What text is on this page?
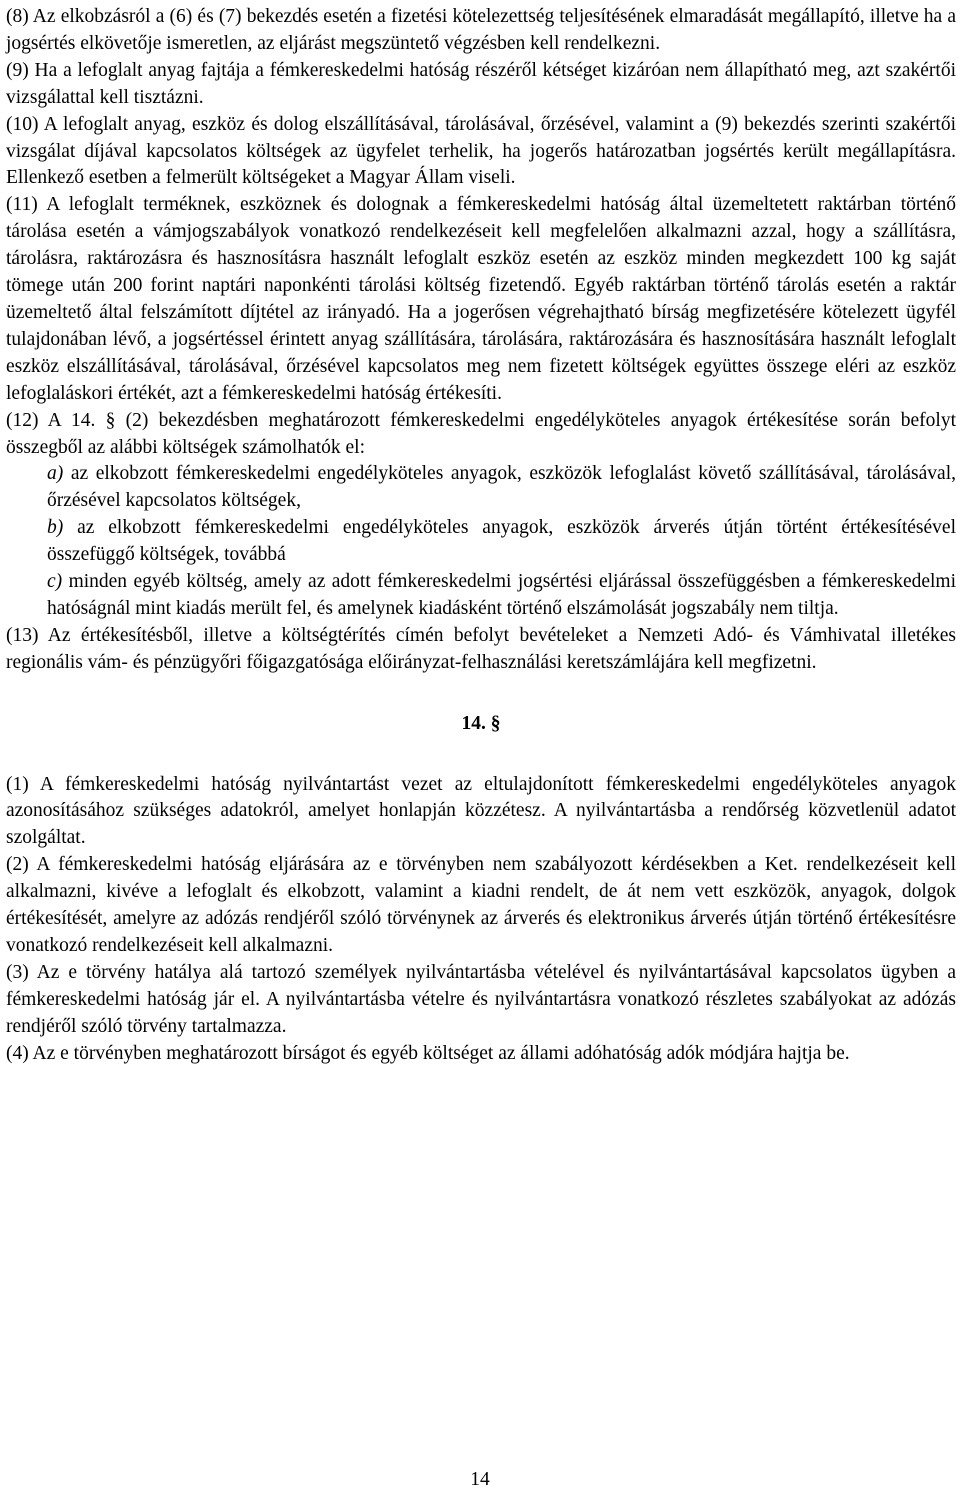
(8) Az elkobzásról a (6) és (7) bekezdés esetén a fizetési kötelezettség teljesítésének elmaradását megállapító, illetve ha a jogsértés elkövetője ismeretlen, az eljárást megszüntető végzésben kell rendelkezni.

(9) Ha a lefoglalt anyag fajtája a fémkereskedelmi hatóság részéről kétséget kizáróan nem állapítható meg, azt szakértői vizsgálattal kell tisztázni.

(10) A lefoglalt anyag, eszköz és dolog elszállításával, tárolásával, őrzésével, valamint a (9) bekezdés szerinti szakértői vizsgálat díjával kapcsolatos költségek az ügyfelet terhelik, ha jogerős határozatban jogsértés került megállapításra. Ellenkező esetben a felmerült költségeket a Magyar Állam viseli.

(11) A lefoglalt terméknek, eszköznek és dolognak a fémkereskedelmi hatóság által üzemeltetett raktárban történő tárolása esetén a vámjogszabályok vonatkozó rendelkezéseit kell megfelelően alkalmazni azzal, hogy a szállításra, tárolásra, raktározásra és hasznosításra használt lefoglalt eszköz esetén az eszköz minden megkezdett 100 kg saját tömege után 200 forint naptári naponkénti tárolási költség fizetendő. Egyéb raktárban történő tárolás esetén a raktár üzemeltető által felszámított díjtétel az irányadó. Ha a jogerősen végrehajtható bírság megfizetésére kötelezett ügyfél tulajdonában lévő, a jogsértéssel érintett anyag szállítására, tárolására, raktározására és hasznosítására használt lefoglalt eszköz elszállításával, tárolásával, őrzésével kapcsolatos meg nem fizetett költségek együttes összege eléri az eszköz lefoglaláskori értékét, azt a fémkereskedelmi hatóság értékesíti.

(12) A 14. § (2) bekezdésben meghatározott fémkereskedelmi engedélyköteles anyagok értékesítése során befolyt összegből az alábbi költségek számolhatók el:

a) az elkobzott fémkereskedelmi engedélyköteles anyagok, eszközök lefoglalást követő szállításával, tárolásával, őrzésével kapcsolatos költségek,

b) az elkobzott fémkereskedelmi engedélyköteles anyagok, eszközök árverés útján történt értékesítésével összefüggő költségek, továbbá

c) minden egyéb költség, amely az adott fémkereskedelmi jogsértési eljárással összefüggésben a fémkereskedelmi hatóságnál mint kiadás merült fel, és amelynek kiadásként történő elszámolását jogszabály nem tiltja.

(13) Az értékesítésből, illetve a költségtérítés címén befolyt bevételeket a Nemzeti Adó- és Vámhivatal illetékes regionális vám- és pénzügyőri főigazgatósága előirányzat-felhasználási keretszámlájára kell megfizetni.

14. §

(1) A fémkereskedelmi hatóság nyilvántartást vezet az eltulajdonított fémkereskedelmi engedélyköteles anyagok azonosításához szükséges adatokról, amelyet honlapján közzétesz. A nyilvántartásba a rendőrség közvetlenül adatot szolgáltat.

(2) A fémkereskedelmi hatóság eljárására az e törvényben nem szabályozott kérdésekben a Ket. rendelkezéseit kell alkalmazni, kivéve a lefoglalt és elkobzott, valamint a kiadni rendelt, de át nem vett eszközök, anyagok, dolgok értékesítését, amelyre az adózás rendjéről szóló törvénynek az árverés és elektronikus árverés útján történő értékesítésre vonatkozó rendelkezéseit kell alkalmazni.

(3) Az e törvény hatálya alá tartozó személyek nyilvántartásba vételével és nyilvántartásával kapcsolatos ügyben a fémkereskedelmi hatóság jár el. A nyilvántartásba vételre és nyilvántartásra vonatkozó részletes szabályokat az adózás rendjéről szóló törvény tartalmazza.

(4) Az e törvényben meghatározott bírságot és egyéb költséget az állami adóhatóság adók módjára hajtja be.

14
